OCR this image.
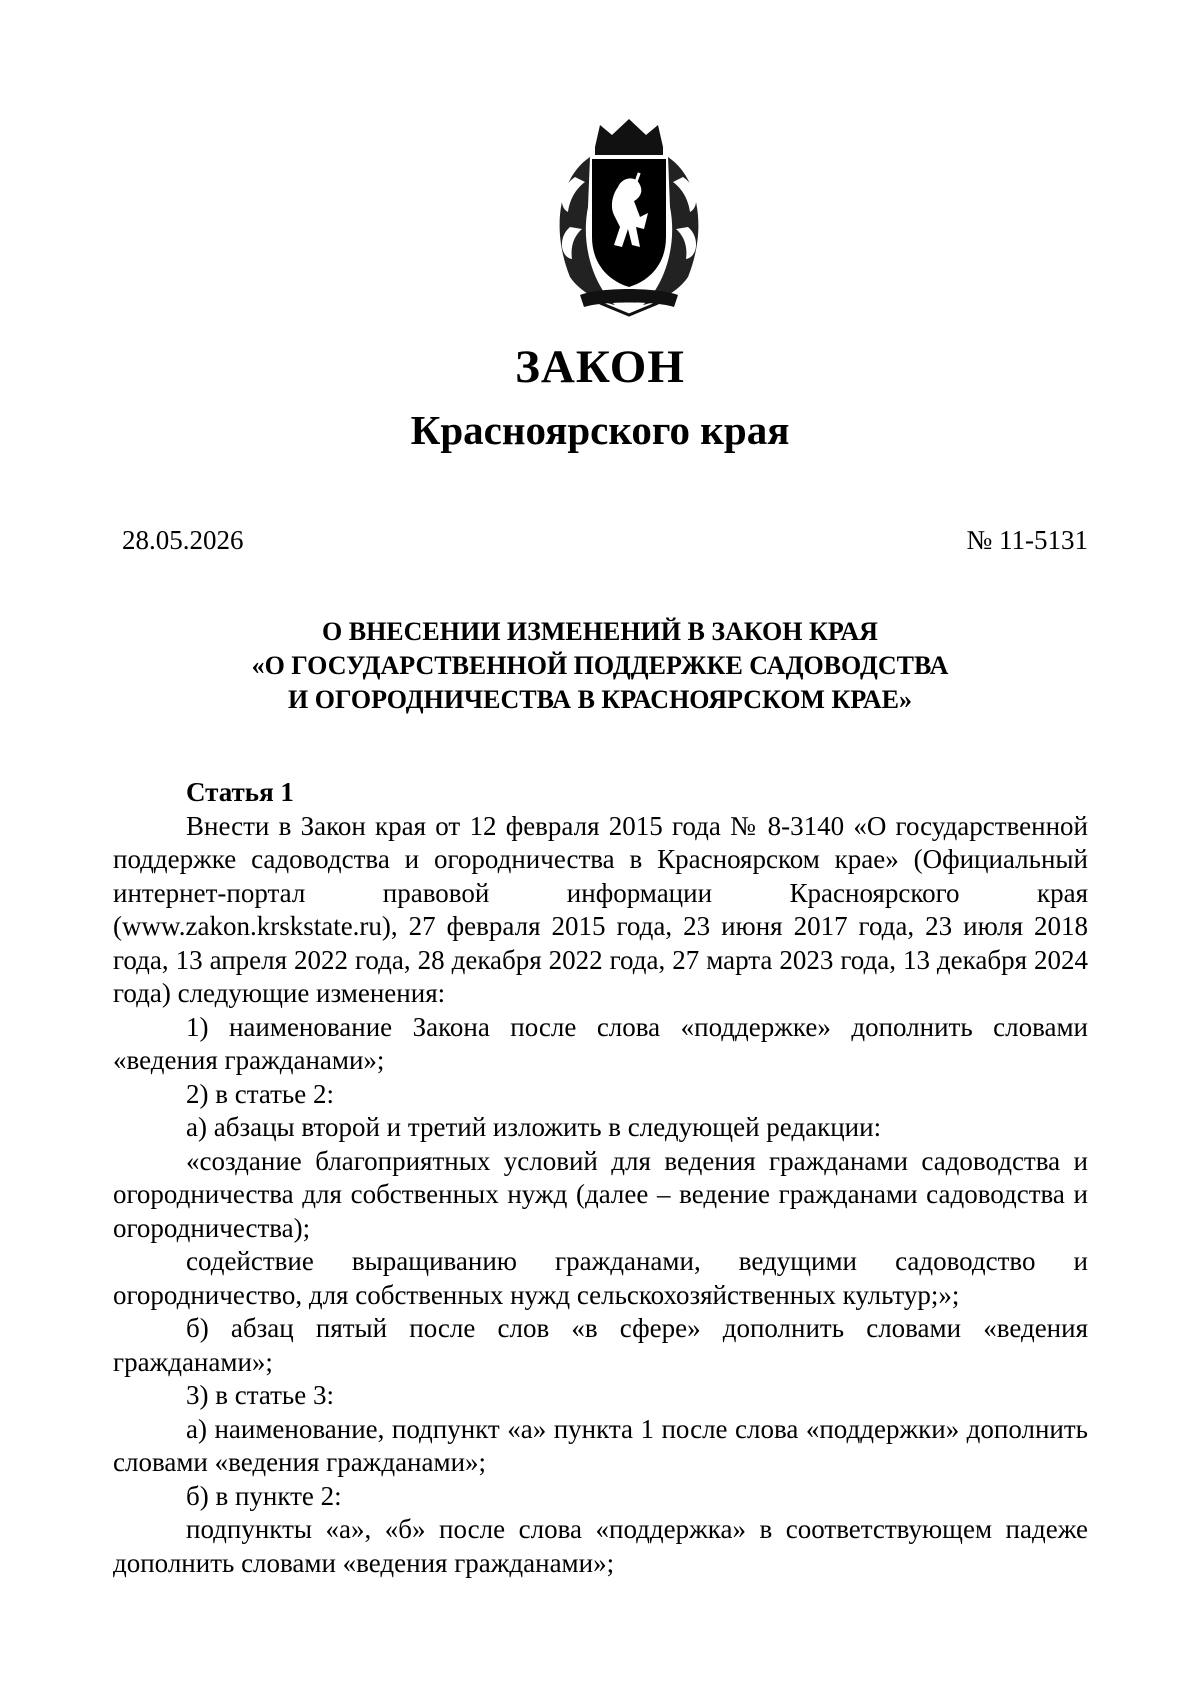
ЗАКОН
Красноярского края
28.05.2026	№ 11-5131
О ВНЕСЕНИИ ИЗМЕНЕНИЙ В ЗАКОН КРАЯ
«О ГОСУДАРСТВЕННОЙ ПОДДЕРЖКЕ САДОВОДСТВА
И ОГОРОДНИЧЕСТВА В КРАСНОЯРСКОМ КРАЕ»

Статья 1

Внести в Закон края от 12 февраля 2015 года № 8-3140 «О государственной поддержке садоводства и огородничества в Красноярском крае» (Официальный интернет-портал правовой информации Красноярского края (www.zakon.krskstate.ru), 27 февраля 2015 года, 23 июня 2017 года, 23 июля 2018 года, 13 апреля 2022 года, 28 декабря 2022 года, 27 марта 2023 года, 13 декабря 2024 года) следующие изменения:

1) наименование Закона после слова «поддержке» дополнить словами «ведения гражданами»;

2) в статье 2:

а) абзацы второй и третий изложить в следующей редакции:

«создание благоприятных условий для ведения гражданами садоводства и огородничества для собственных нужд (далее – ведение гражданами садоводства и огородничества);

содействие выращиванию гражданами, ведущими садоводство и огородничество, для собственных нужд сельскохозяйственных культур;»;

б) абзац пятый после слов «в сфере» дополнить словами «ведения гражданами»;

3) в статье 3:

а) наименование, подпункт «а» пункта 1 после слова «поддержки» дополнить словами «ведения гражданами»;

б) в пункте 2:

подпункты «а», «б» после слова «поддержка» в соответствующем падеже дополнить словами «ведения гражданами»;
